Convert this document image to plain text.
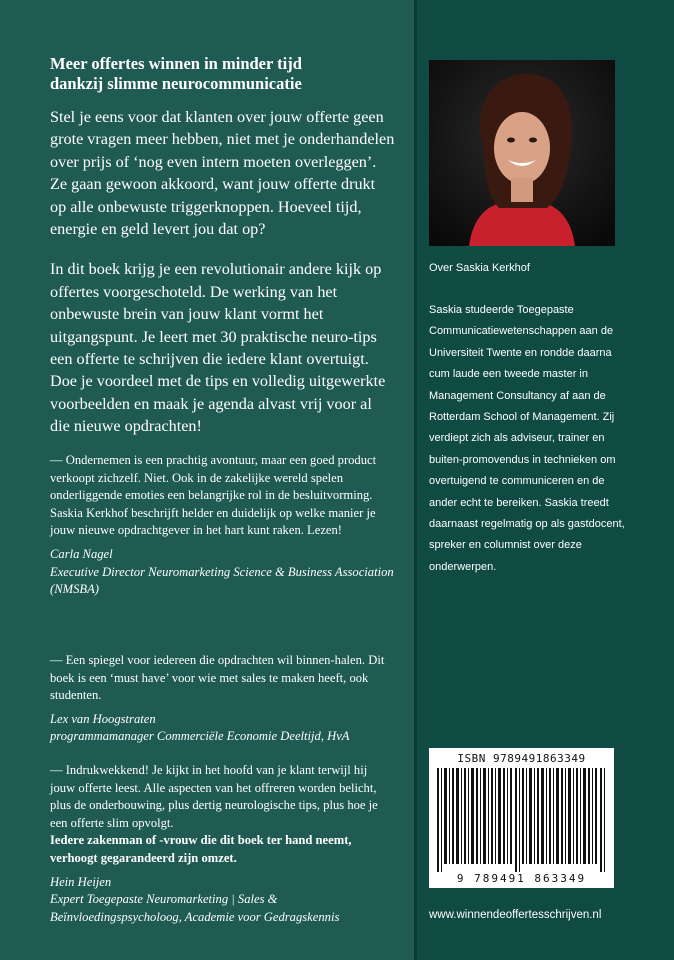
Meer offertes winnen in minder tijd
dankzij slimme neurocommunicatie

Stel je eens voor dat klanten over jouw offerte geen grote vragen meer hebben, niet met je onderhandelen over prijs of ‘nog even intern moeten overleggen’. Ze gaan gewoon akkoord, want jouw offerte drukt op alle onbewuste triggerknoppen. Hoeveel tijd, energie en geld levert jou dat op?

In dit boek krijg je een revolutionair andere kijk op offertes voorgeschoteld. De werking van het onbewuste brein van jouw klant vormt het uitgangspunt. Je leert met 30 praktische neuro-tips een offerte te schrijven die iedere klant overtuigt. Doe je voordeel met de tips en volledig uitgewerkte voorbeelden en maak je agenda alvast vrij voor al die nieuwe opdrachten!

— Ondernemen is een prachtig avontuur, maar een goed product verkoopt zichzelf. Niet. Ook in de zakelijke wereld spelen onderliggende emoties een belangrijke rol in de besluitvorming. Saskia Kerkhof beschrijft helder en duidelijk op welke manier je jouw nieuwe opdrachtgever in het hart kunt raken. Lezen!

Carla Nagel
Executive Director Neuromarketing Science & Business Association (NMSBA)

— Een spiegel voor iedereen die opdrachten wil binnen-halen. Dit boek is een ‘must have’ voor wie met sales te maken heeft, ook studenten.

Lex van Hoogstraten
programmamanager Commerciële Economie Deeltijd, HvA

— Indrukwekkend! Je kijkt in het hoofd van je klant terwijl hij jouw offerte leest. Alle aspecten van het offreren worden belicht, plus de onderbouwing, plus dertig neurologische tips, plus hoe je een offerte slim opvolgt.

Iedere zakenman of -vrouw die dit boek ter hand neemt, verhoogt gegarandeerd zijn omzet.

Hein Heijen
Expert Toegepaste Neuromarketing | Sales & Beïnvloedingspsycholoog, Academie voor Gedragskennis
Over Saskia Kerkhof
Saskia studeerde Toegepaste Communicatiewetenschappen aan de Universiteit Twente en rondde daarna cum laude een tweede master in Management Consultancy af aan de Rotterdam School of Management. Zij verdiept zich als adviseur, trainer en buiten-promovendus in technieken om overtuigend te communiceren en de ander echt te bereiken. Saskia treedt daarnaast regelmatig op als gastdocent, spreker en columnist over deze onderwerpen.
ISBN 9789491863349
9 789491 863349
www.winnendeoffertesschrijven.nl
